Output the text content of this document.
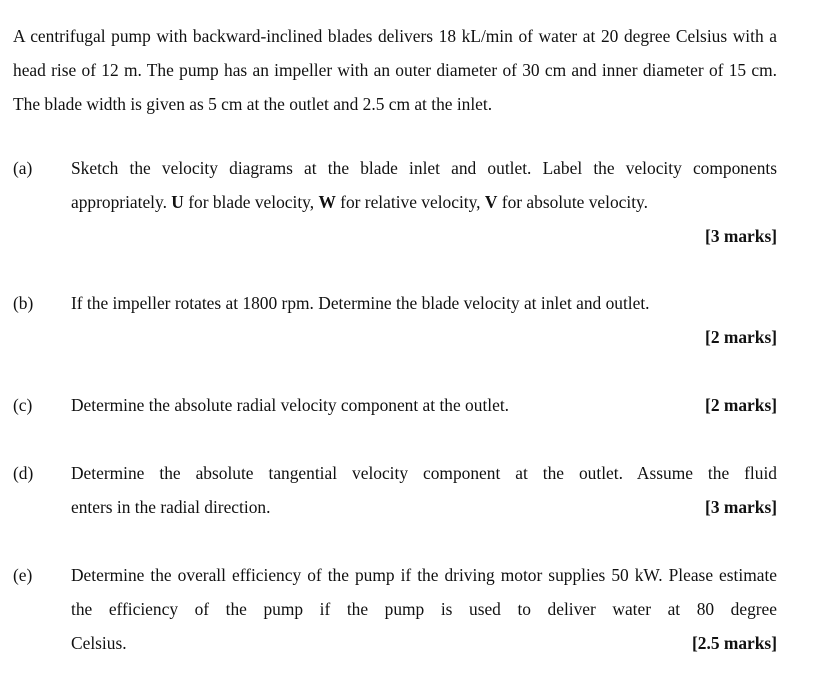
A centrifugal pump with backward-inclined blades delivers 18 kL/min of water at 20 degree Celsius with a head rise of 12 m. The pump has an impeller with an outer diameter of 30 cm and inner diameter of 15 cm. The blade width is given as 5 cm at the outlet and 2.5 cm at the inlet.
(a) Sketch the velocity diagrams at the blade inlet and outlet. Label the velocity components appropriately. U for blade velocity, W for relative velocity, V for absolute velocity.
[3 marks]
(b) If the impeller rotates at 1800 rpm. Determine the blade velocity at inlet and outlet.
[2 marks]
(c) Determine the absolute radial velocity component at the outlet.	[2 marks]
(d) Determine the absolute tangential velocity component at the outlet. Assume the fluid
enters in the radial direction.	[3 marks]
(e) Determine the overall efficiency of the pump if the driving motor supplies 50 kW. Please estimate the efficiency of the pump if the pump is used to deliver water at 80 degree
Celsius.	[2.5 marks]
